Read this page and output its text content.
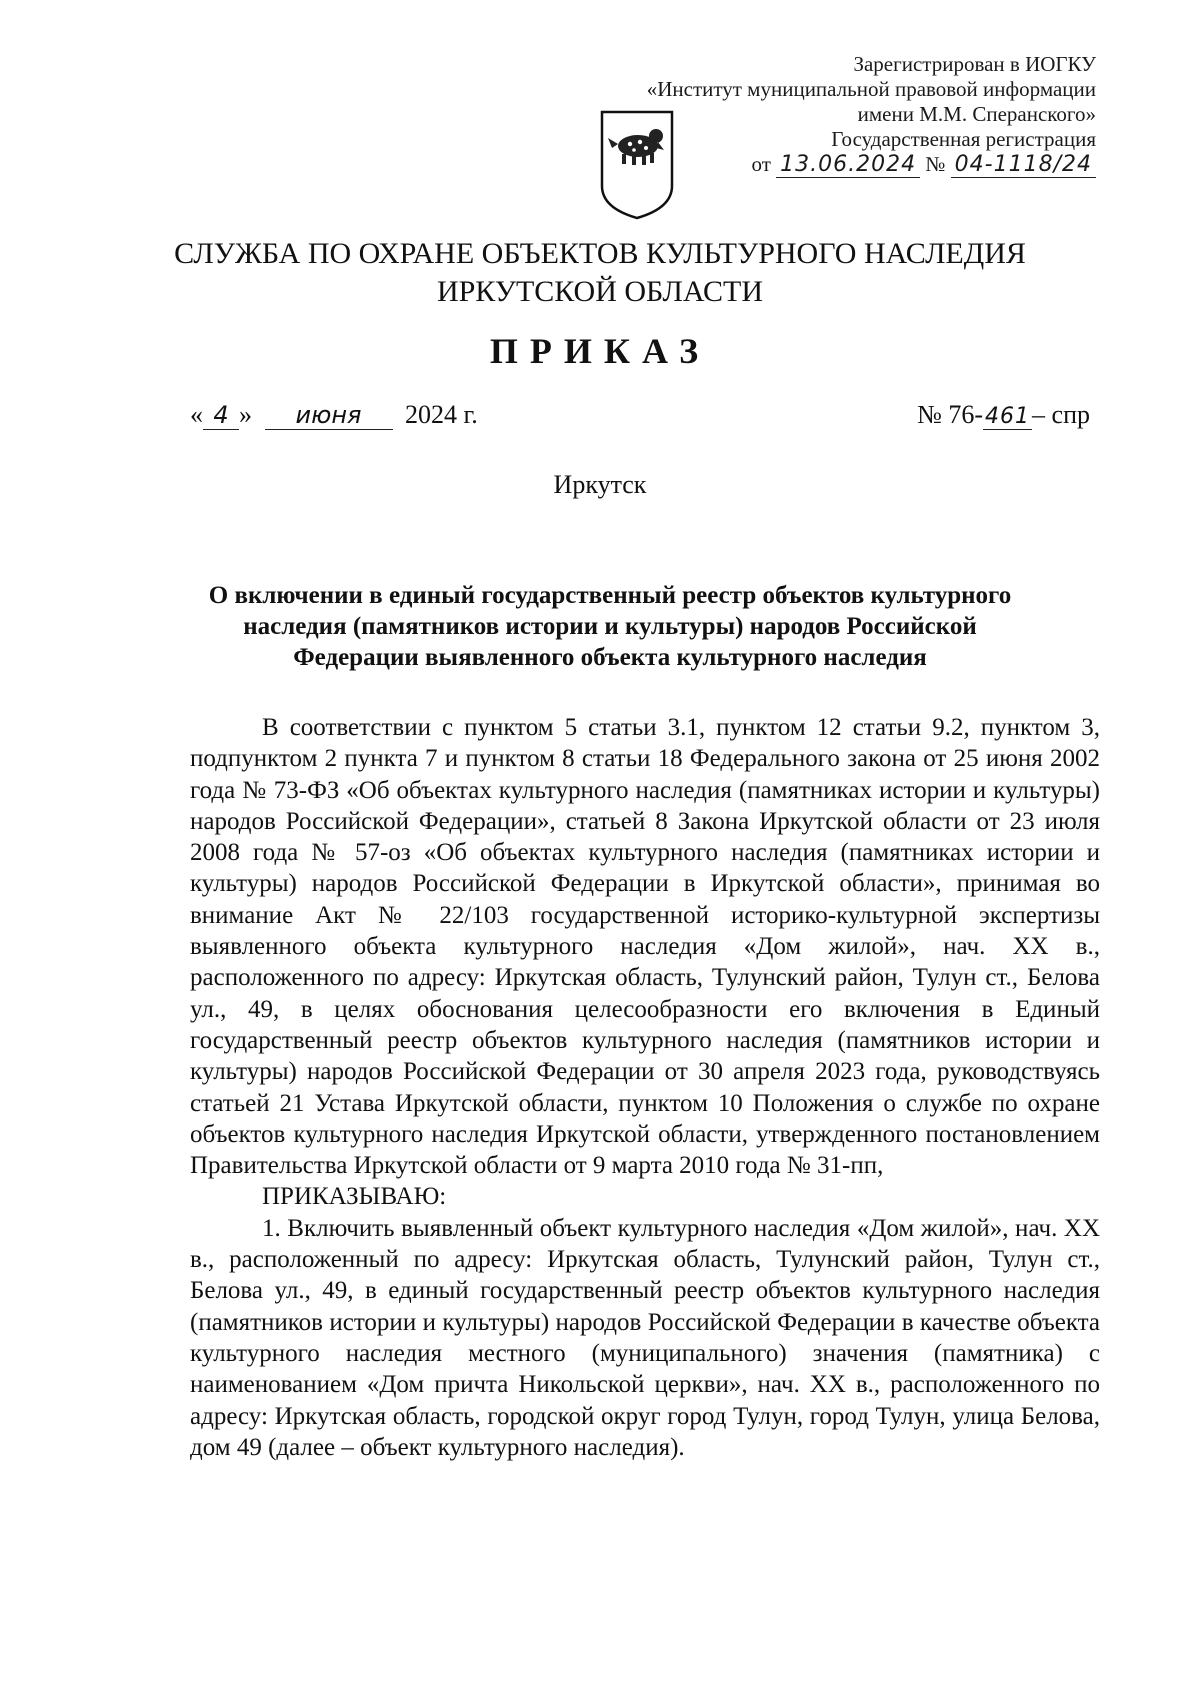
Зарегистрирован в ИОГКУ
«Институт муниципальной правовой информации
имени М.М. Сперанского»
Государственная регистрация
от 13.06.2024 № 04-1118/24
СЛУЖБА ПО ОХРАНЕ ОБЪЕКТОВ КУЛЬТУРНОГО НАСЛЕДИЯ
ИРКУТСКОЙ ОБЛАСТИ
ПРИКАЗ
« 4 » июня 2024 г.	№ 76-461– спр
Иркутск
О включении в единый государственный реестр объектов культурного наследия (памятников истории и культуры) народов Российской Федерации выявленного объекта культурного наследия

В соответствии с пунктом 5 статьи 3.1, пунктом 12 статьи 9.2, пунктом 3, подпунктом 2 пункта 7 и пунктом 8 статьи 18 Федерального закона от 25 июня 2002 года № 73-ФЗ «Об объектах культурного наследия (памятниках истории и культуры) народов Российской Федерации», статьей 8 Закона Иркутской области от 23 июля 2008 года № 57-оз «Об объектах культурного наследия (памятниках истории и культуры) народов Российской Федерации в Иркутской области», принимая во внимание Акт № 22/103 государственной историко-культурной экспертизы выявленного объекта культурного наследия «Дом жилой», нач. XX в., расположенного по адресу: Иркутская область, Тулунский район, Тулун ст., Белова ул., 49, в целях обоснования целесообразности его включения в Единый государственный реестр объектов культурного наследия (памятников истории и культуры) народов Российской Федерации от 30 апреля 2023 года, руководствуясь статьей 21 Устава Иркутской области, пунктом 10 Положения о службе по охране объектов культурного наследия Иркутской области, утвержденного постановлением Правительства Иркутской области от 9 марта 2010 года № 31-пп,

ПРИКАЗЫВАЮ:

1. Включить выявленный объект культурного наследия «Дом жилой», нач. XX в., расположенный по адресу: Иркутская область, Тулунский район, Тулун ст., Белова ул., 49, в единый государственный реестр объектов культурного наследия (памятников истории и культуры) народов Российской Федерации в качестве объекта культурного наследия местного (муниципального) значения (памятника) с наименованием «Дом причта Никольской церкви», нач. XX в., расположенного по адресу: Иркутская область, городской округ город Тулун, город Тулун, улица Белова, дом 49 (далее – объект культурного наследия).
